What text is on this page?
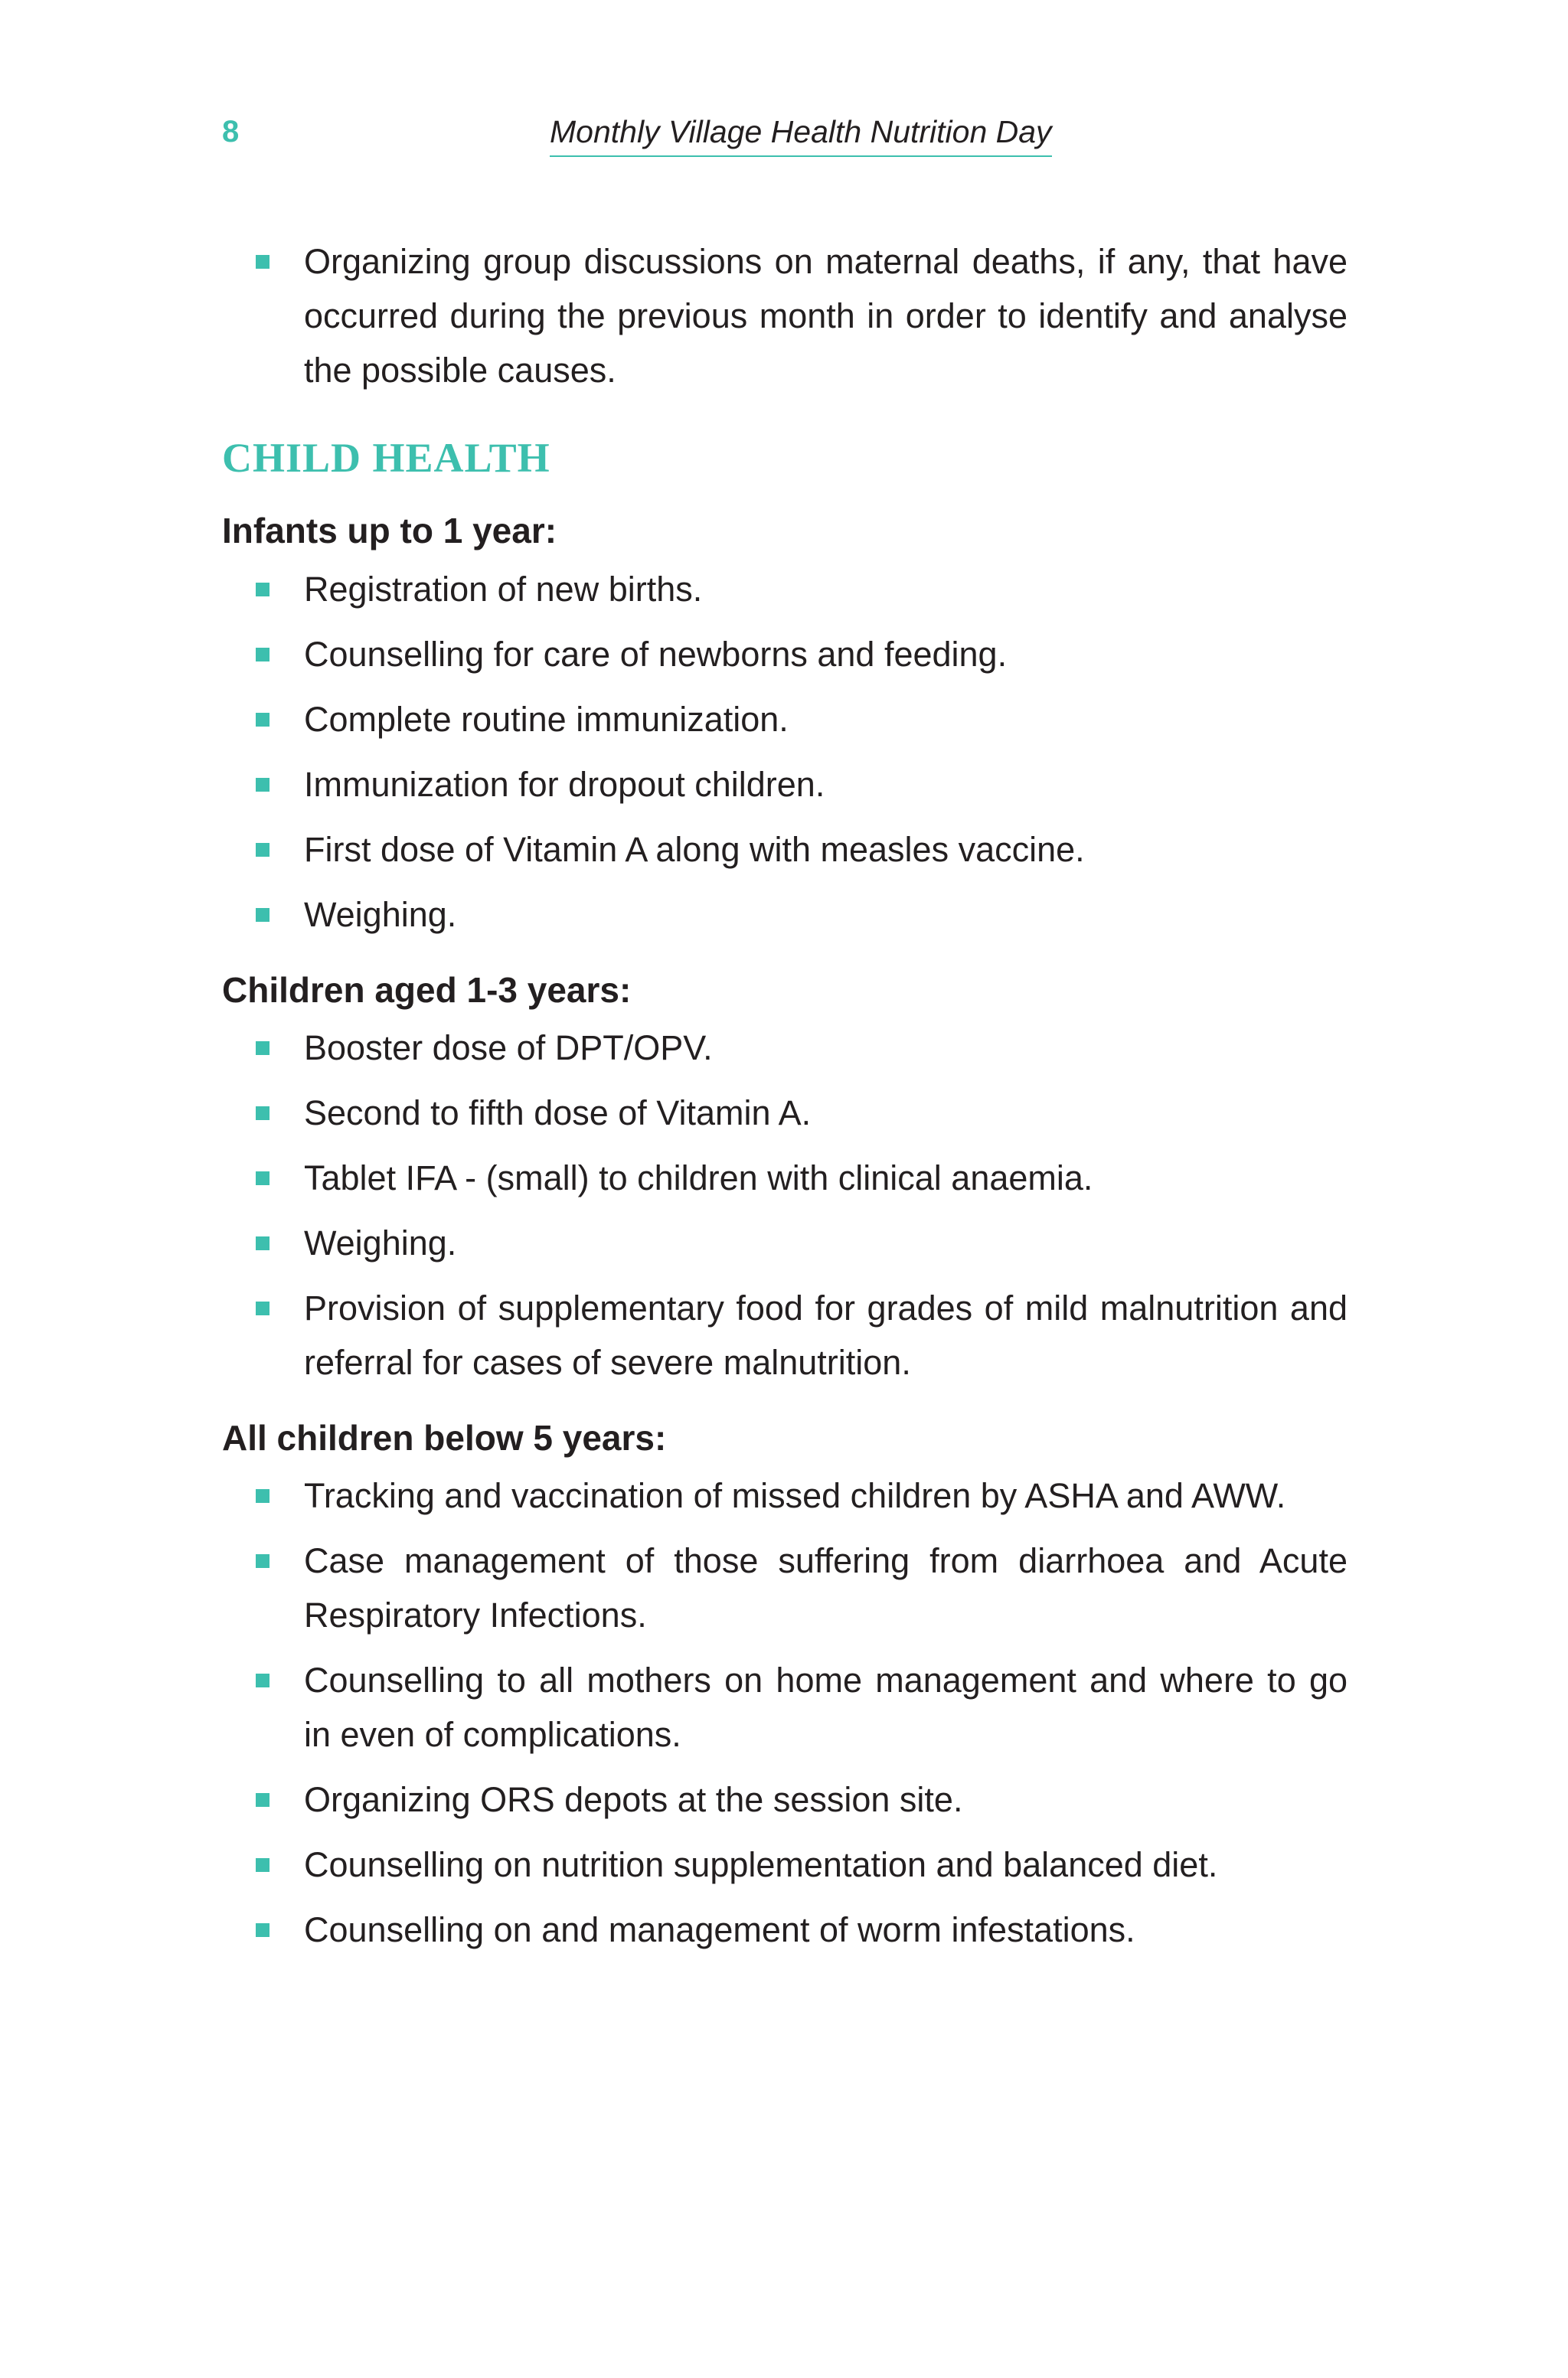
8	Monthly Village Health Nutrition Day
Organizing group discussions on maternal deaths, if any, that have occurred during the previous month in order to identify and analyse the possible causes.
CHILD HEALTH
Infants up to 1 year:
Registration of new births.
Counselling for care of newborns and feeding.
Complete routine immunization.
Immunization for dropout children.
First dose of Vitamin A along with measles vaccine.
Weighing.
Children aged 1-3 years:
Booster dose of DPT/OPV.
Second to fifth dose of Vitamin A.
Tablet IFA - (small) to children with clinical anaemia.
Weighing.
Provision of supplementary food for grades of mild malnutrition and referral for cases of severe malnutrition.
All children below 5 years:
Tracking and vaccination of missed children by ASHA and AWW.
Case management of those suffering from diarrhoea and Acute Respiratory Infections.
Counselling to all mothers on home management and where to go in even of complications.
Organizing ORS depots at the session site.
Counselling on nutrition supplementation and balanced diet.
Counselling on and management of worm infestations.
